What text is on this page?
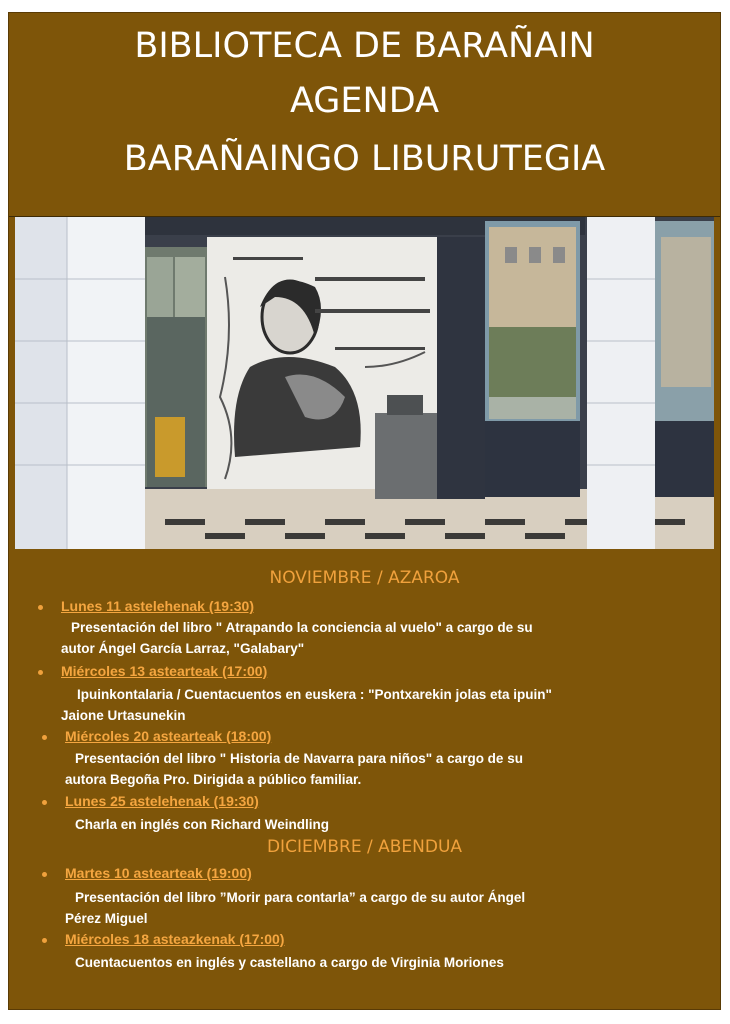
BIBLIOTECA DE BARAÑAIN
AGENDA
BARAÑAINGO LIBURUTEGIA
NOVIEMBRE / AZAROA
Lunes 11 astelehenak (19:30)
Presentación del libro " Atrapando la conciencia al vuelo" a cargo de su
autor Ángel García Larraz, "Galabary"
Miércoles 13 astearteak (17:00)
Ipuinkontalaria / Cuentacuentos en euskera : "Pontxarekin jolas eta ipuin"
Jaione Urtasunekin
Miércoles 20 astearteak (18:00)
Presentación del libro " Historia de Navarra para niños" a cargo de su
autora Begoña Pro. Dirigida a público familiar.
Lunes 25 astelehenak (19:30)
Charla en inglés con Richard Weindling
DICIEMBRE / ABENDUA
Martes 10 astearteak (19:00)
Presentación del libro ”Morir para contarla” a cargo de su autor Ángel
Pérez Miguel
Miércoles 18 asteazkenak (17:00)
Cuentacuentos en inglés y castellano a cargo de Virginia Moriones
